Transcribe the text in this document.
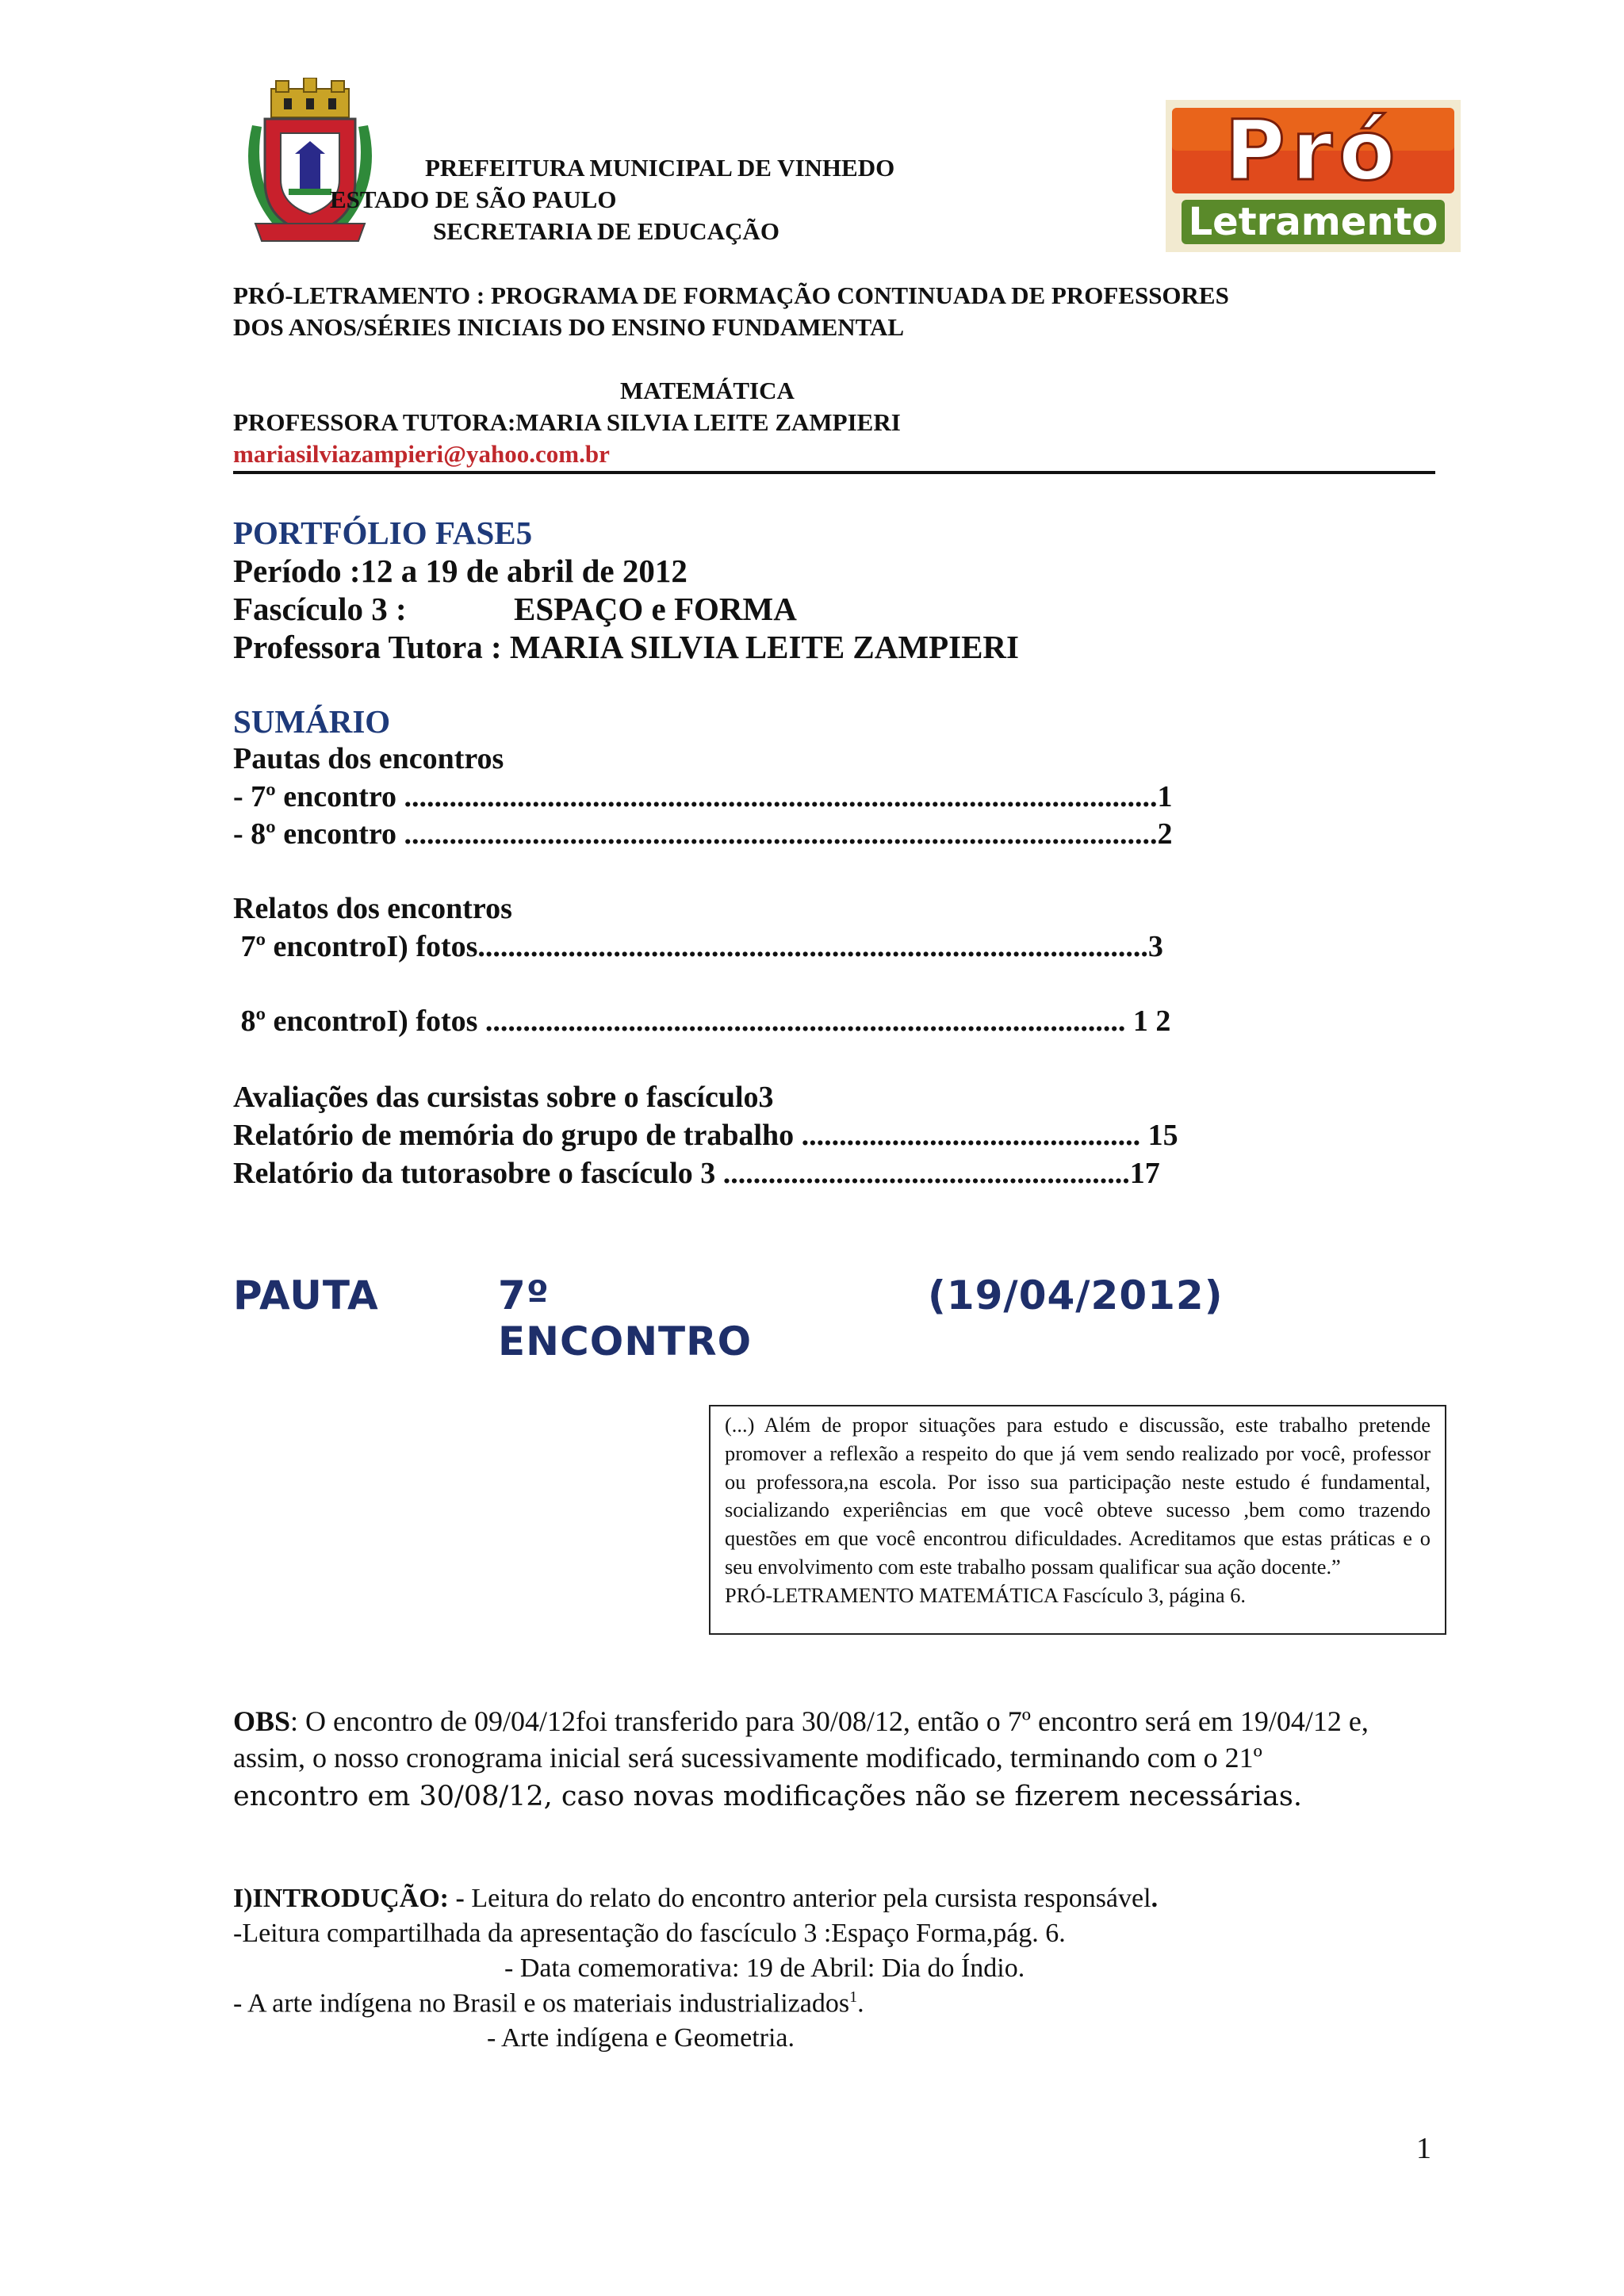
PREFEITURA MUNICIPAL DE VINHEDO
ESTADO DE SÃO PAULO
SECRETARIA DE EDUCAÇÃO
Pró
Letramento
PRÓ-LETRAMENTO : PROGRAMA DE FORMAÇÃO CONTINUADA DE PROFESSORES
DOS ANOS/SÉRIES INICIAIS DO ENSINO FUNDAMENTAL
MATEMÁTICA
PROFESSORA TUTORA:MARIA SILVIA LEITE ZAMPIERI
mariasilviazampieri@yahoo.com.br
PORTFÓLIO FASE5
Período :12 a 19 de abril de 2012
Fascículo 3 :	ESPAÇO e FORMA
Professora Tutora : MARIA SILVIA LEITE ZAMPIERI
SUMÁRIO
Pautas dos encontros
- 7º encontro ....................................................................................................1
- 8º encontro ....................................................................................................2
Relatos dos encontros
7º encontroI) fotos.........................................................................................3
8º encontroI) fotos ..................................................................................... 1 2
Avaliações das cursistas sobre o fascículo3
Relatório de memória do grupo de trabalho ............................................. 15
Relatório da tutorasobre o fascículo 3 ......................................................17
PAUTA	7º ENCONTRO
(19/04/2012)

(...) Além de propor situações para estudo e discussão, este trabalho pretende promover a reflexão a respeito do que já vem sendo realizado por você, professor ou professora,na escola. Por isso sua participação neste estudo é fundamental, socializando experiências em que você obteve sucesso ,bem como trazendo questões em que você encontrou dificuldades. Acreditamos que estas práticas e o seu envolvimento com este trabalho possam qualificar sua ação docente.”

PRÓ-LETRAMENTO MATEMÁTICA Fascículo 3, página 6.

OBS: O encontro de 09/04/12foi transferido para 30/08/12, então o 7º encontro será em 19/04/12 e,
assim, o nosso cronograma inicial será sucessivamente modificado, terminando com o 21º
encontro em 30/08/12, caso novas modificações não se fizerem necessárias.
I)INTRODUÇÃO: - Leitura do relato do encontro anterior pela cursista responsável.
-Leitura compartilhada da apresentação do fascículo 3 :Espaço Forma,pág. 6.
- Data comemorativa: 19 de Abril: Dia do Índio.
- A arte indígena no Brasil e os materiais industrializados$^1$.
- Arte indígena e Geometria.
1
